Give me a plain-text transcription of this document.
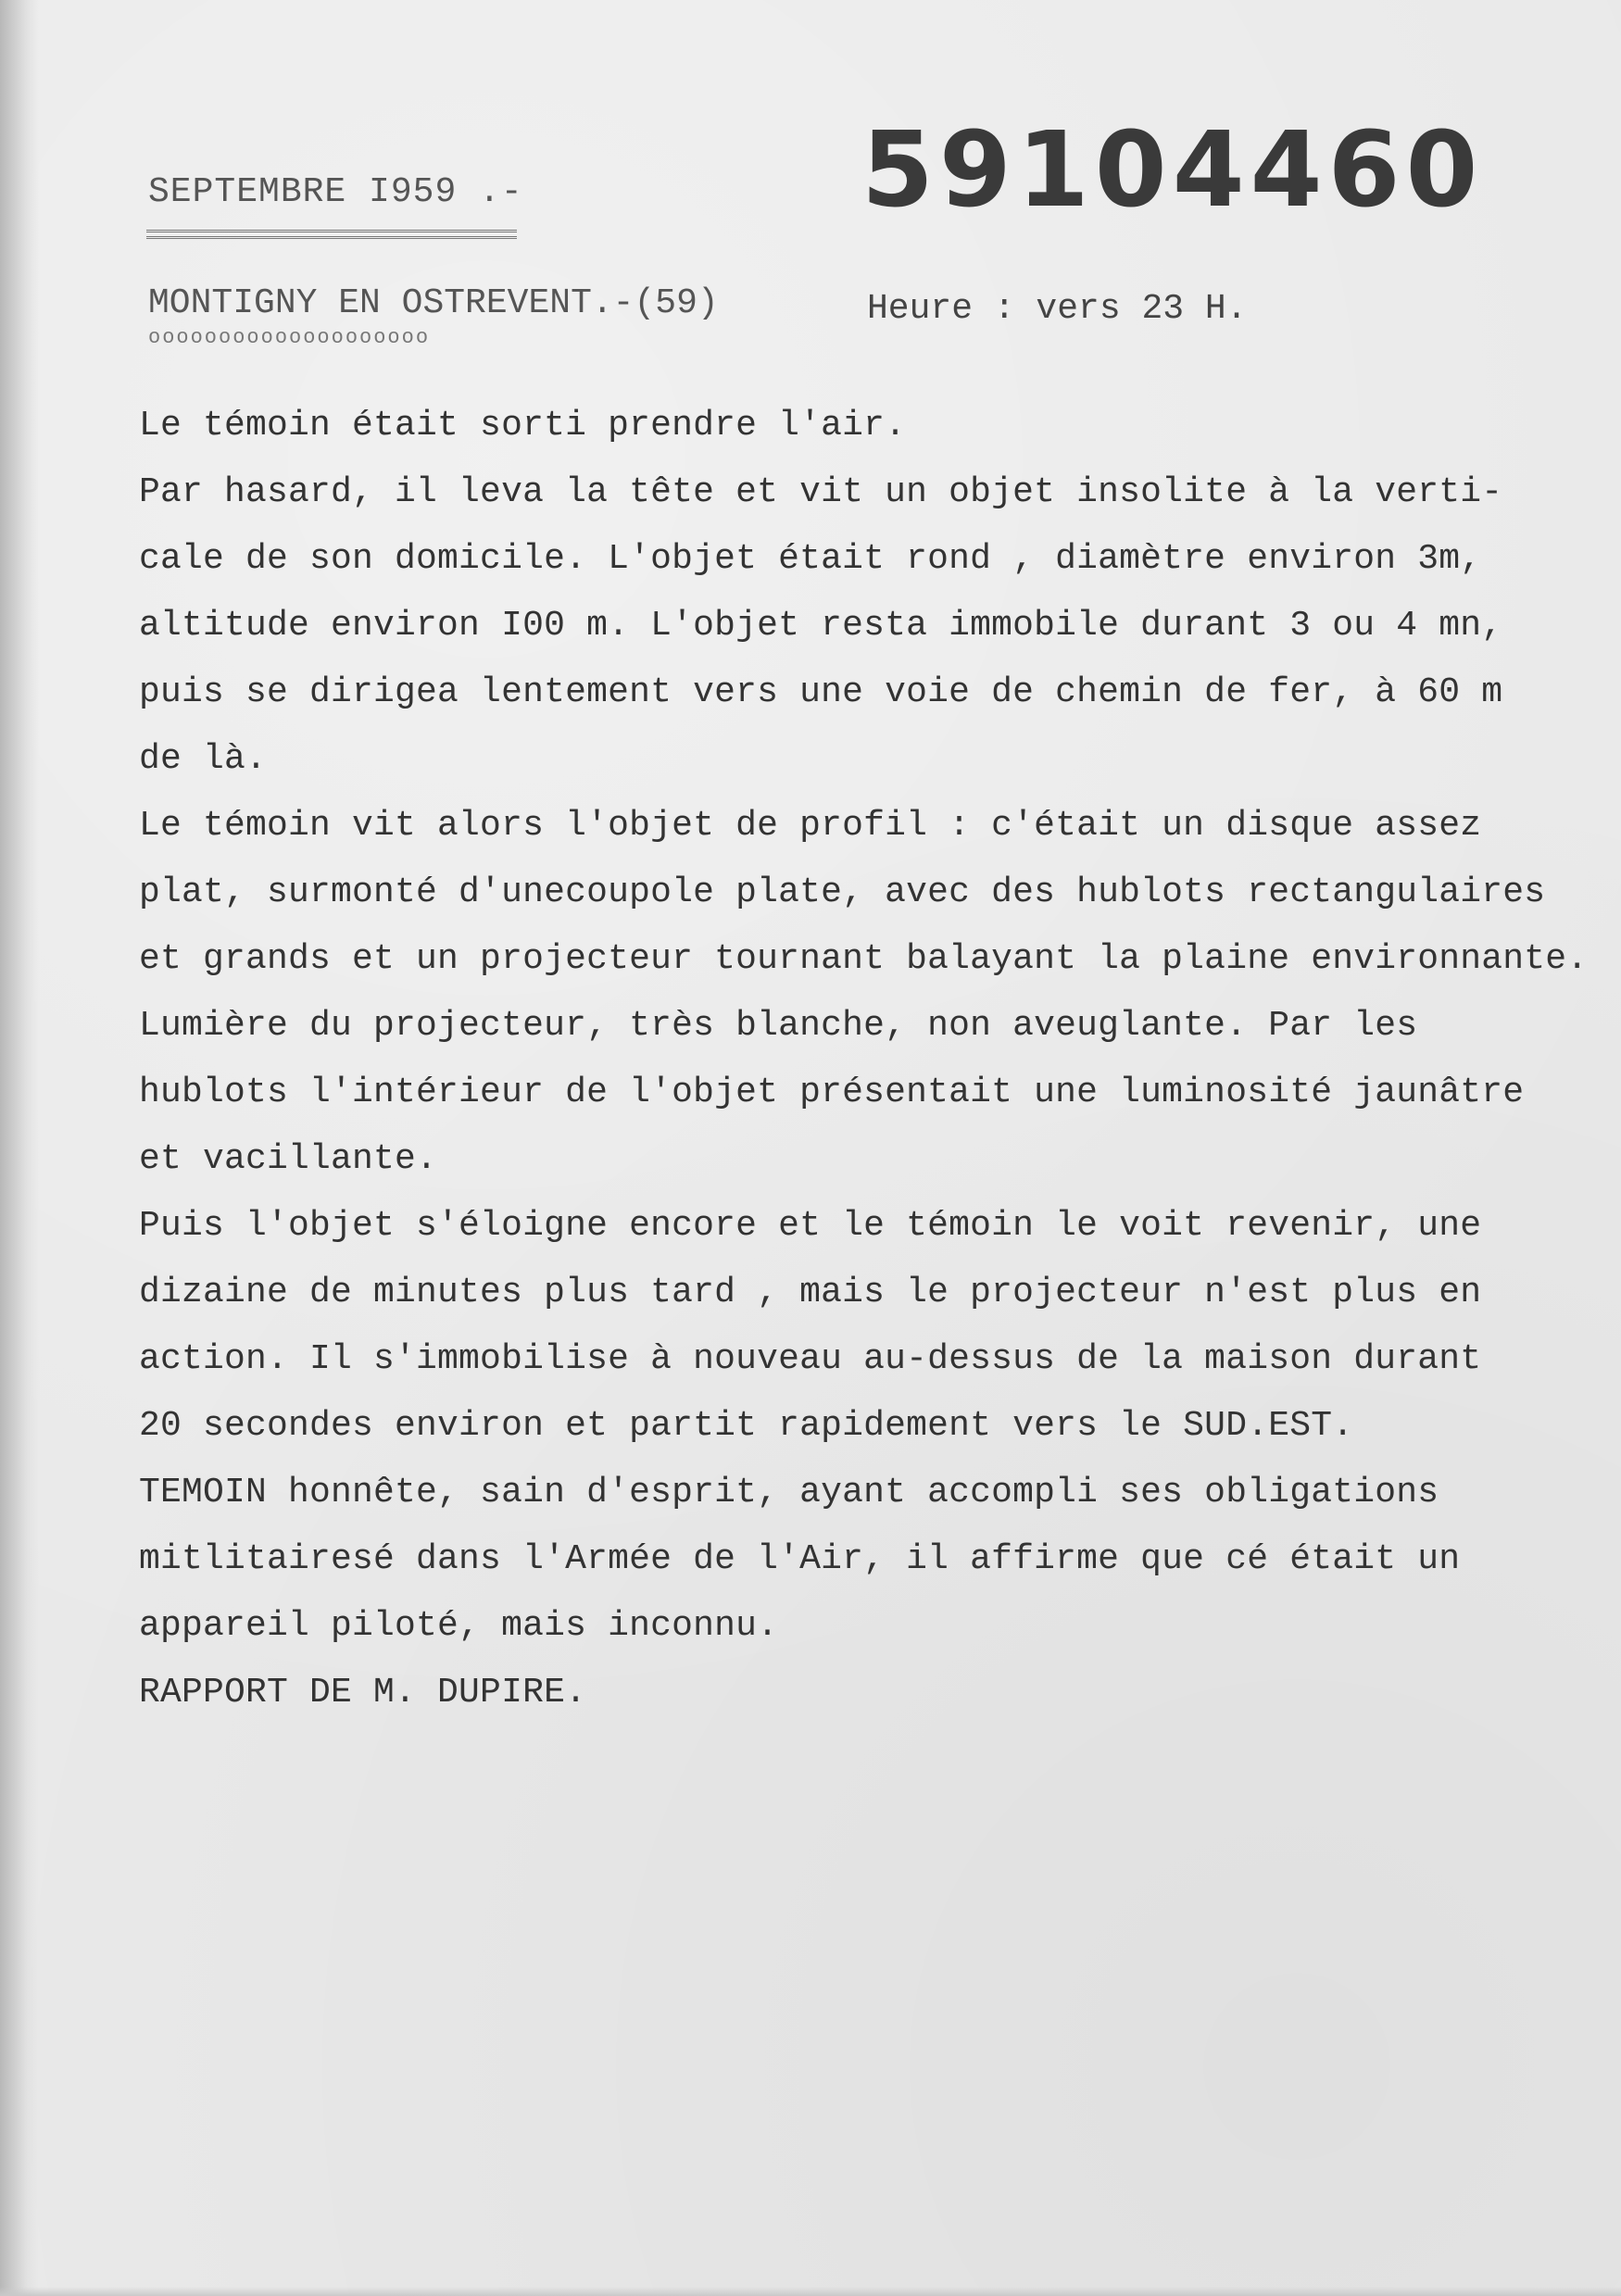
59104460
SEPTEMBRE I959 .-
MONTIGNY EN OSTREVENT.-(59)
oooooooooooooooooooo
Heure : vers 23 H.
Le témoin était sorti prendre l'air.
Par hasard, il leva la tête et vit un objet insolite à la verti-
cale de son domicile. L'objet était rond , diamètre environ 3m,
altitude environ I00 m. L'objet resta immobile durant 3 ou 4 mn,
puis se dirigea lentement vers une voie de chemin de fer, à 60 m
de là.
Le témoin vit alors l'objet de profil : c'était un disque assez
plat, surmonté d'unecoupole plate, avec des hublots rectangulaires
et grands et un projecteur tournant balayant la plaine environnante.
Lumière du projecteur, très blanche, non aveuglante. Par les
hublots l'intérieur de l'objet présentait une luminosité jaunâtre
et vacillante.
Puis l'objet s'éloigne encore et le témoin le voit revenir, une
dizaine de minutes plus tard , mais le projecteur n'est plus en
action. Il s'immobilise à nouveau au-dessus de la maison durant
20 secondes environ et partit rapidement vers le SUD.EST.
TEMOIN honnête, sain d'esprit, ayant accompli ses obligations
mitlitairesé dans l'Armée de l'Air, il affirme que cé était un
appareil piloté, mais inconnu.
RAPPORT DE M. DUPIRE.
